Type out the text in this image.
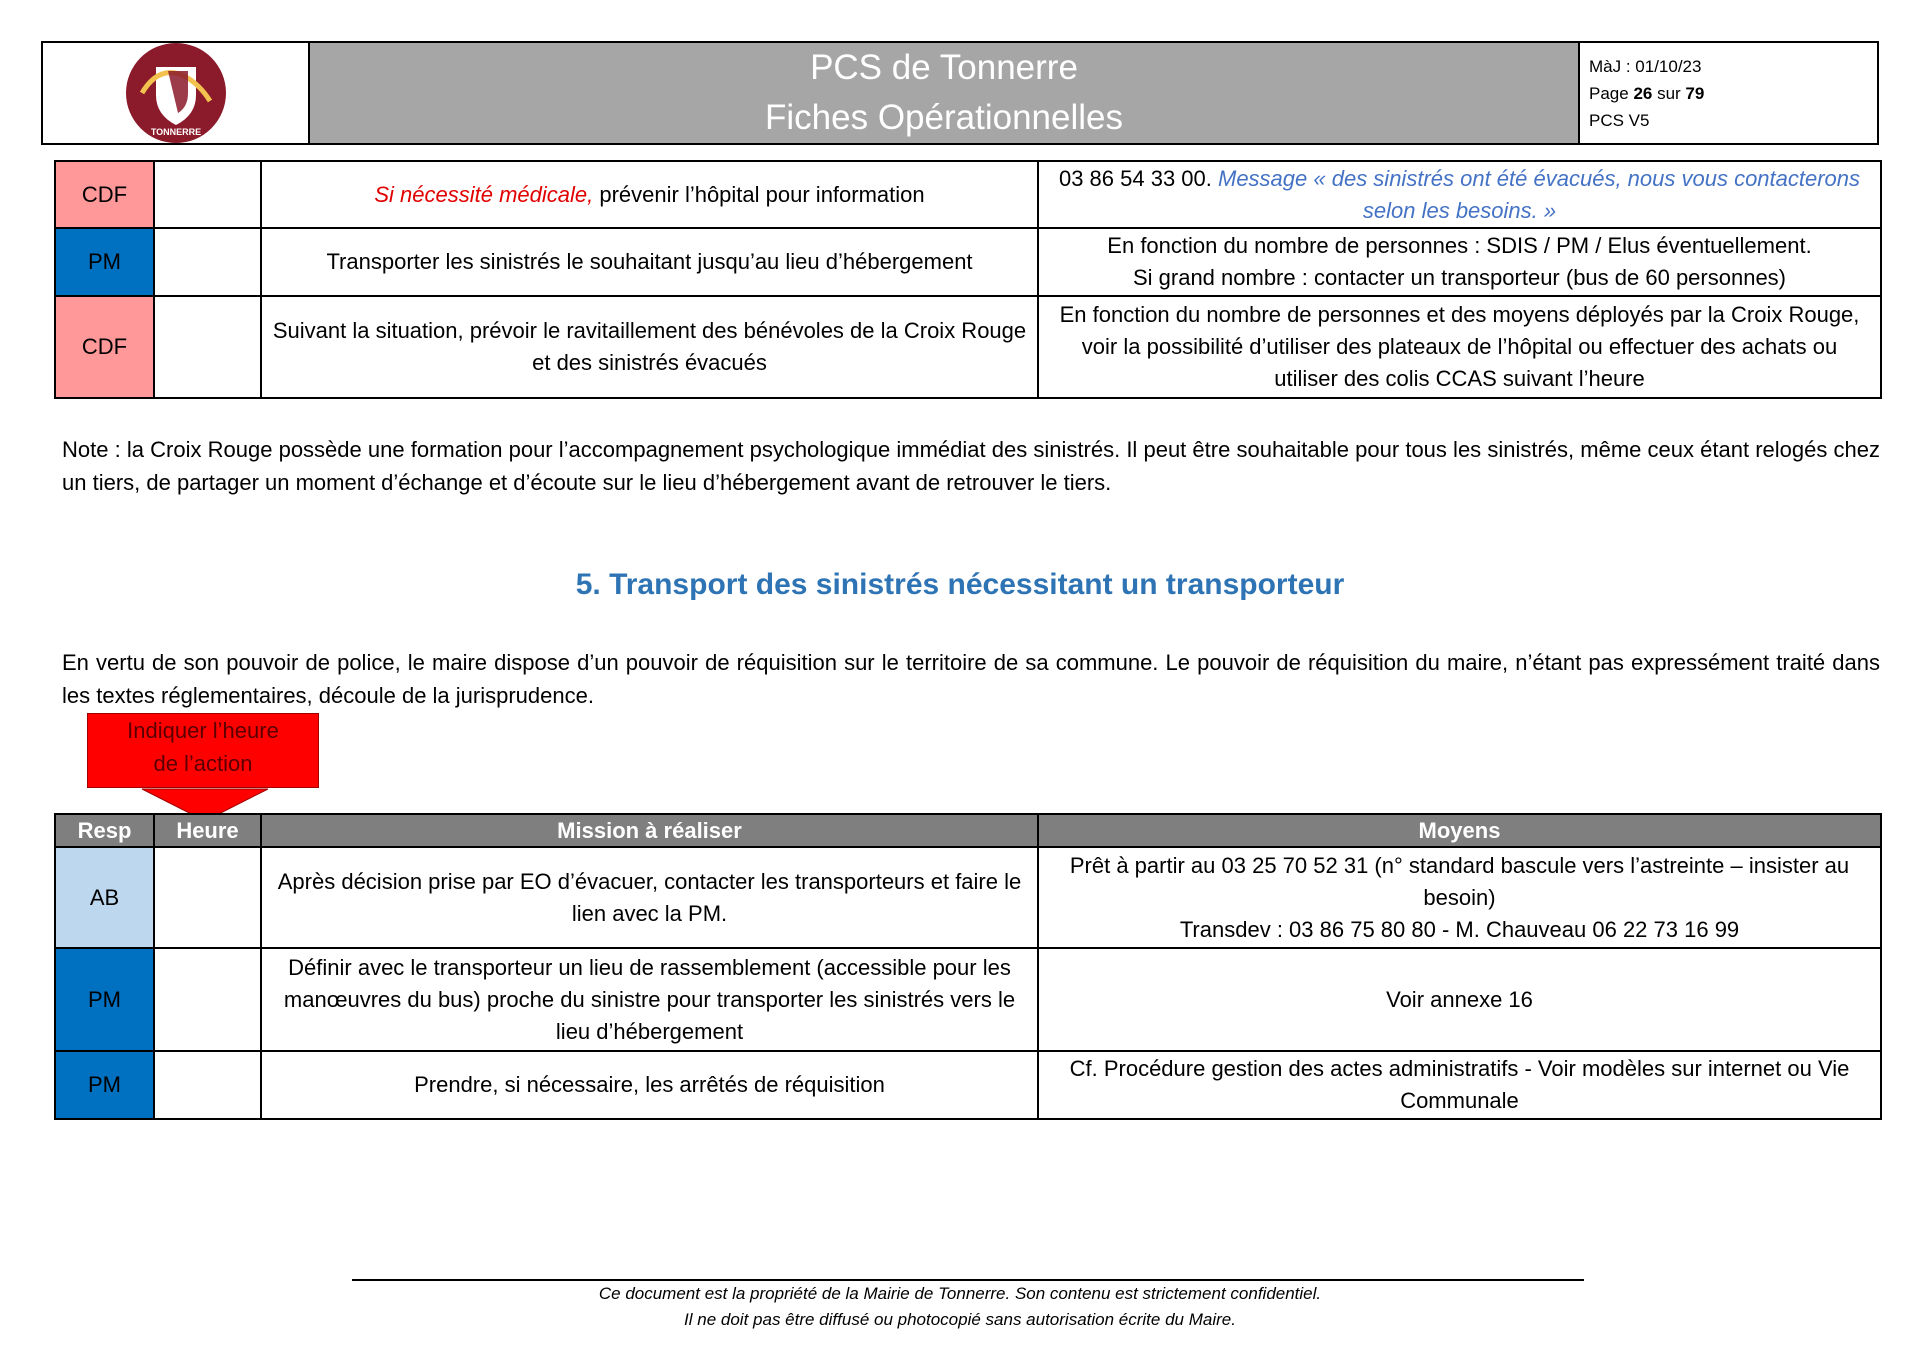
TONNERRE
PCS de Tonnerre
Fiches Opérationnelles
MàJ : 01/10/23
Page 26 sur 79
PCS V5
CDF		Si nécessité médicale, prévenir l’hôpital pour information	03 86 54 33 00. Message « des sinistrés ont été évacués, nous vous contacterons selon les besoins. »
PM		Transporter les sinistrés le souhaitant jusqu’au lieu d’hébergement	En fonction du nombre de personnes : SDIS / PM / Elus éventuellement.
Si grand nombre : contacter un transporteur (bus de 60 personnes)

CDF		Suivant la situation, prévoir le ravitaillement des bénévoles de la Croix Rouge et des sinistrés évacués	En fonction du nombre de personnes et des moyens déployés par la Croix Rouge, voir la possibilité d’utiliser des plateaux de l’hôpital ou effectuer des achats ou utiliser des colis CCAS suivant l’heure
Note : la Croix Rouge possède une formation pour l’accompagnement psychologique immédiat des sinistrés. Il peut être souhaitable pour tous les sinistrés, même ceux étant relogés chez un tiers, de partager un moment d’échange et d’écoute sur le lieu d’hébergement avant de retrouver le tiers.
5. Transport des sinistrés nécessitant un transporteur
En vertu de son pouvoir de police, le maire dispose d’un pouvoir de réquisition sur le territoire de sa commune. Le pouvoir de réquisition du maire, n’étant pas expressément traité dans les textes réglementaires, découle de la jurisprudence.
Indiquer l’heure
de l’action
Resp	Heure	Mission à réaliser	Moyens
AB		Après décision prise par EO d’évacuer, contacter les transporteurs et faire le lien avec la PM.	Prêt à partir au 03 25 70 52 31 (n° standard bascule vers l’astreinte – insister au besoin)
Transdev : 03 86 75 80 80 - M. Chauveau 06 22 73 16 99

PM		Définir avec le transporteur un lieu de rassemblement (accessible pour les manœuvres du bus) proche du sinistre pour transporter les sinistrés vers le lieu d’hébergement	Voir annexe 16
PM		Prendre, si nécessaire, les arrêtés de réquisition	Cf. Procédure gestion des actes administratifs - Voir modèles sur internet ou Vie Communale
Ce document est la propriété de la Mairie de Tonnerre. Son contenu est strictement confidentiel.
Il ne doit pas être diffusé ou photocopié sans autorisation écrite du Maire.
